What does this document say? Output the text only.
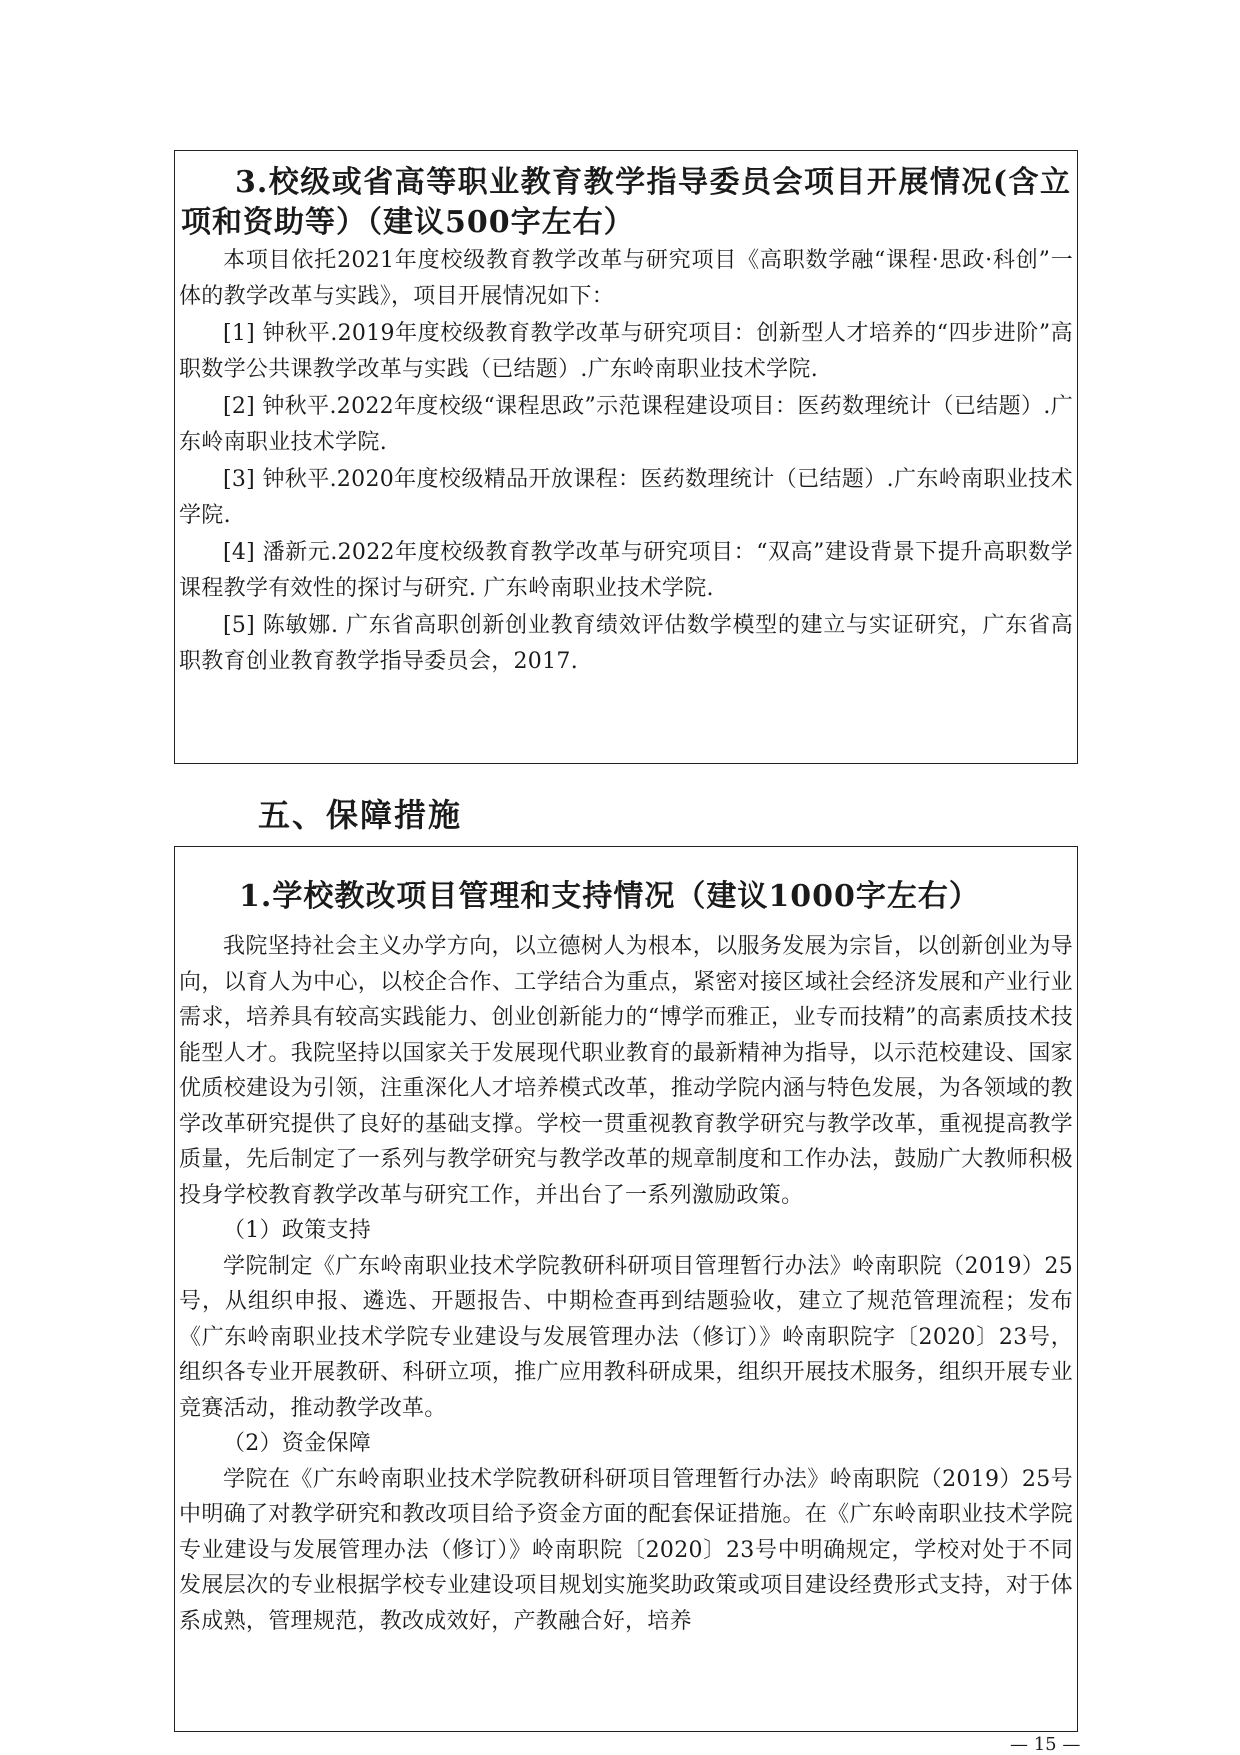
3.校级或省高等职业教育教学指导委员会项目开展情况(含立项和资助等）（建议500字左右）

本项目依托2021年度校级教育教学改革与研究项目《高职数学融“课程·思政·科创”一体的教学改革与实践》，项目开展情况如下：

[1] 钟秋平.2019年度校级教育教学改革与研究项目：创新型人才培养的“四步进阶”高职数学公共课教学改革与实践（已结题）.广东岭南职业技术学院.

[2] 钟秋平.2022年度校级“课程思政”示范课程建设项目：医药数理统计（已结题）.广东岭南职业技术学院.

[3] 钟秋平.2020年度校级精品开放课程：医药数理统计（已结题）.广东岭南职业技术学院.

[4] 潘新元.2022年度校级教育教学改革与研究项目：“双高”建设背景下提升高职数学课程教学有效性的探讨与研究. 广东岭南职业技术学院.

[5] 陈敏娜. 广东省高职创新创业教育绩效评估数学模型的建立与实证研究，广东省高职教育创业教育教学指导委员会，2017.

五、保障措施

1.学校教改项目管理和支持情况（建议1000字左右）

我院坚持社会主义办学方向，以立德树人为根本，以服务发展为宗旨，以创新创业为导向，以育人为中心，以校企合作、工学结合为重点，紧密对接区域社会经济发展和产业行业需求，培养具有较高实践能力、创业创新能力的“博学而雅正，业专而技精”的高素质技术技能型人才。我院坚持以国家关于发展现代职业教育的最新精神为指导，以示范校建设、国家优质校建设为引领，注重深化人才培养模式改革，推动学院内涵与特色发展，为各领域的教学改革研究提供了良好的基础支撑。学校一贯重视教育教学研究与教学改革，重视提高教学质量，先后制定了一系列与教学研究与教学改革的规章制度和工作办法，鼓励广大教师积极投身学校教育教学改革与研究工作，并出台了一系列激励政策。

（1）政策支持

学院制定《广东岭南职业技术学院教研科研项目管理暂行办法》岭南职院（2019）25号，从组织申报、遴选、开题报告、中期检查再到结题验收，建立了规范管理流程；发布《广东岭南职业技术学院专业建设与发展管理办法（修订）》岭南职院字〔2020〕23号，组织各专业开展教研、科研立项，推广应用教科研成果，组织开展技术服务，组织开展专业竞赛活动，推动教学改革。

（2）资金保障

学院在《广东岭南职业技术学院教研科研项目管理暂行办法》岭南职院（2019）25号中明确了对教学研究和教改项目给予资金方面的配套保证措施。在《广东岭南职业技术学院专业建设与发展管理办法（修订）》岭南职院〔2020〕23号中明确规定，学校对处于不同发展层次的专业根据学校专业建设项目规划实施奖助政策或项目建设经费形式支持，对于体系成熟，管理规范，教改成效好，产教融合好，培养

— 15 —
